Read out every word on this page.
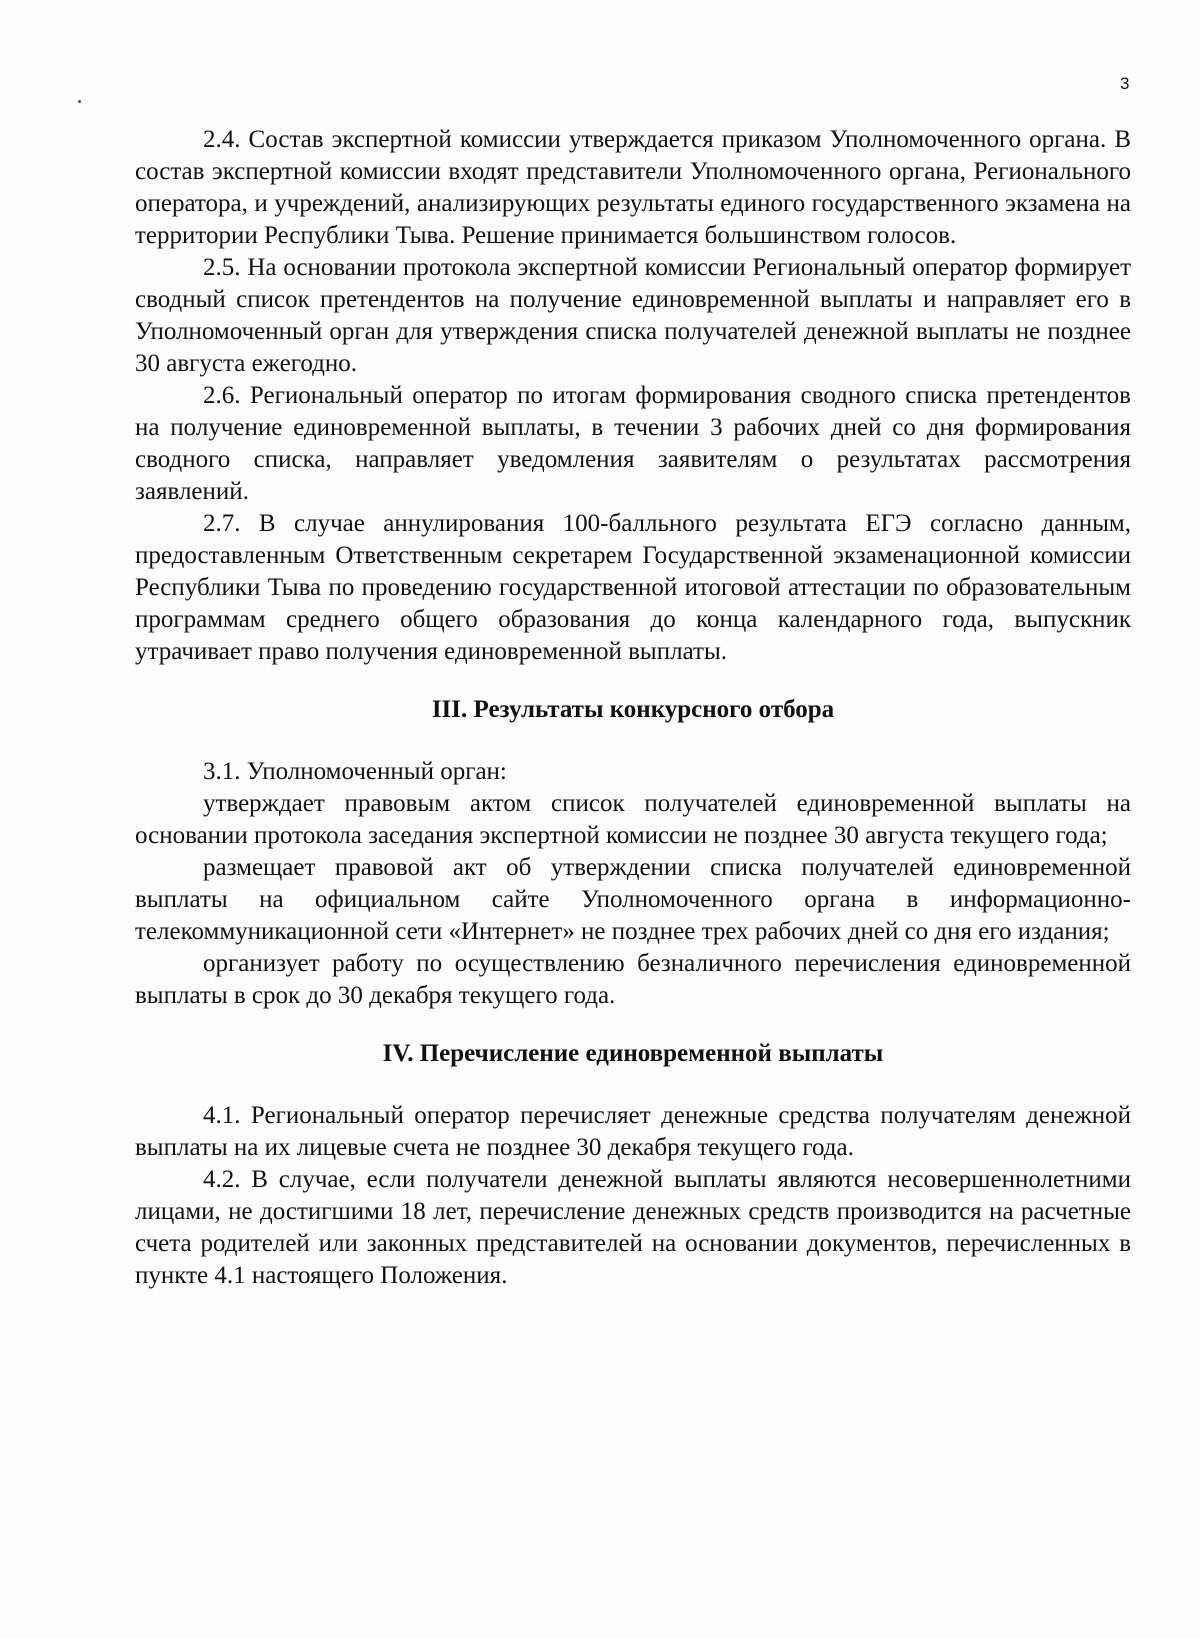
3

2.4. Состав экспертной комиссии утверждается приказом Уполномоченного органа. В состав экспертной комиссии входят представители Уполномоченного органа, Регионального оператора, и учреждений, анализирующих результаты единого государственного экзамена на территории Республики Тыва. Решение принимается большинством голосов.

2.5. На основании протокола экспертной комиссии Региональный оператор формирует сводный список претендентов на получение единовременной выплаты и направляет его в Уполномоченный орган для утверждения списка получателей денежной выплаты не позднее 30 августа ежегодно.

2.6. Региональный оператор по итогам формирования сводного списка претендентов на получение единовременной выплаты, в течении 3 рабочих дней со дня формирования сводного списка, направляет уведомления заявителям о результатах рассмотрения заявлений.

2.7. В случае аннулирования 100-балльного результата ЕГЭ согласно данным, предоставленным Ответственным секретарем Государственной экзаменационной комиссии Республики Тыва по проведению государственной итоговой аттестации по образовательным программам среднего общего образования до конца календарного года, выпускник утрачивает право получения единовременной выплаты.

III. Результаты конкурсного отбора

3.1. Уполномоченный орган:

утверждает правовым актом список получателей единовременной выплаты на основании протокола заседания экспертной комиссии не позднее 30 августа текущего года;

размещает правовой акт об утверждении списка получателей единовременной выплаты на официальном сайте Уполномоченного органа в информационно-телекоммуникационной сети «Интернет» не позднее трех рабочих дней со дня его издания;

организует работу по осуществлению безналичного перечисления единовременной выплаты в срок до 30 декабря текущего года.

IV. Перечисление единовременной выплаты

4.1. Региональный оператор перечисляет денежные средства получателям денежной выплаты на их лицевые счета не позднее 30 декабря текущего года.

4.2. В случае, если получатели денежной выплаты являются несовершеннолетними лицами, не достигшими 18 лет, перечисление денежных средств производится на расчетные счета родителей или законных представителей на основании документов, перечисленных в пункте 4.1 настоящего Положения.
